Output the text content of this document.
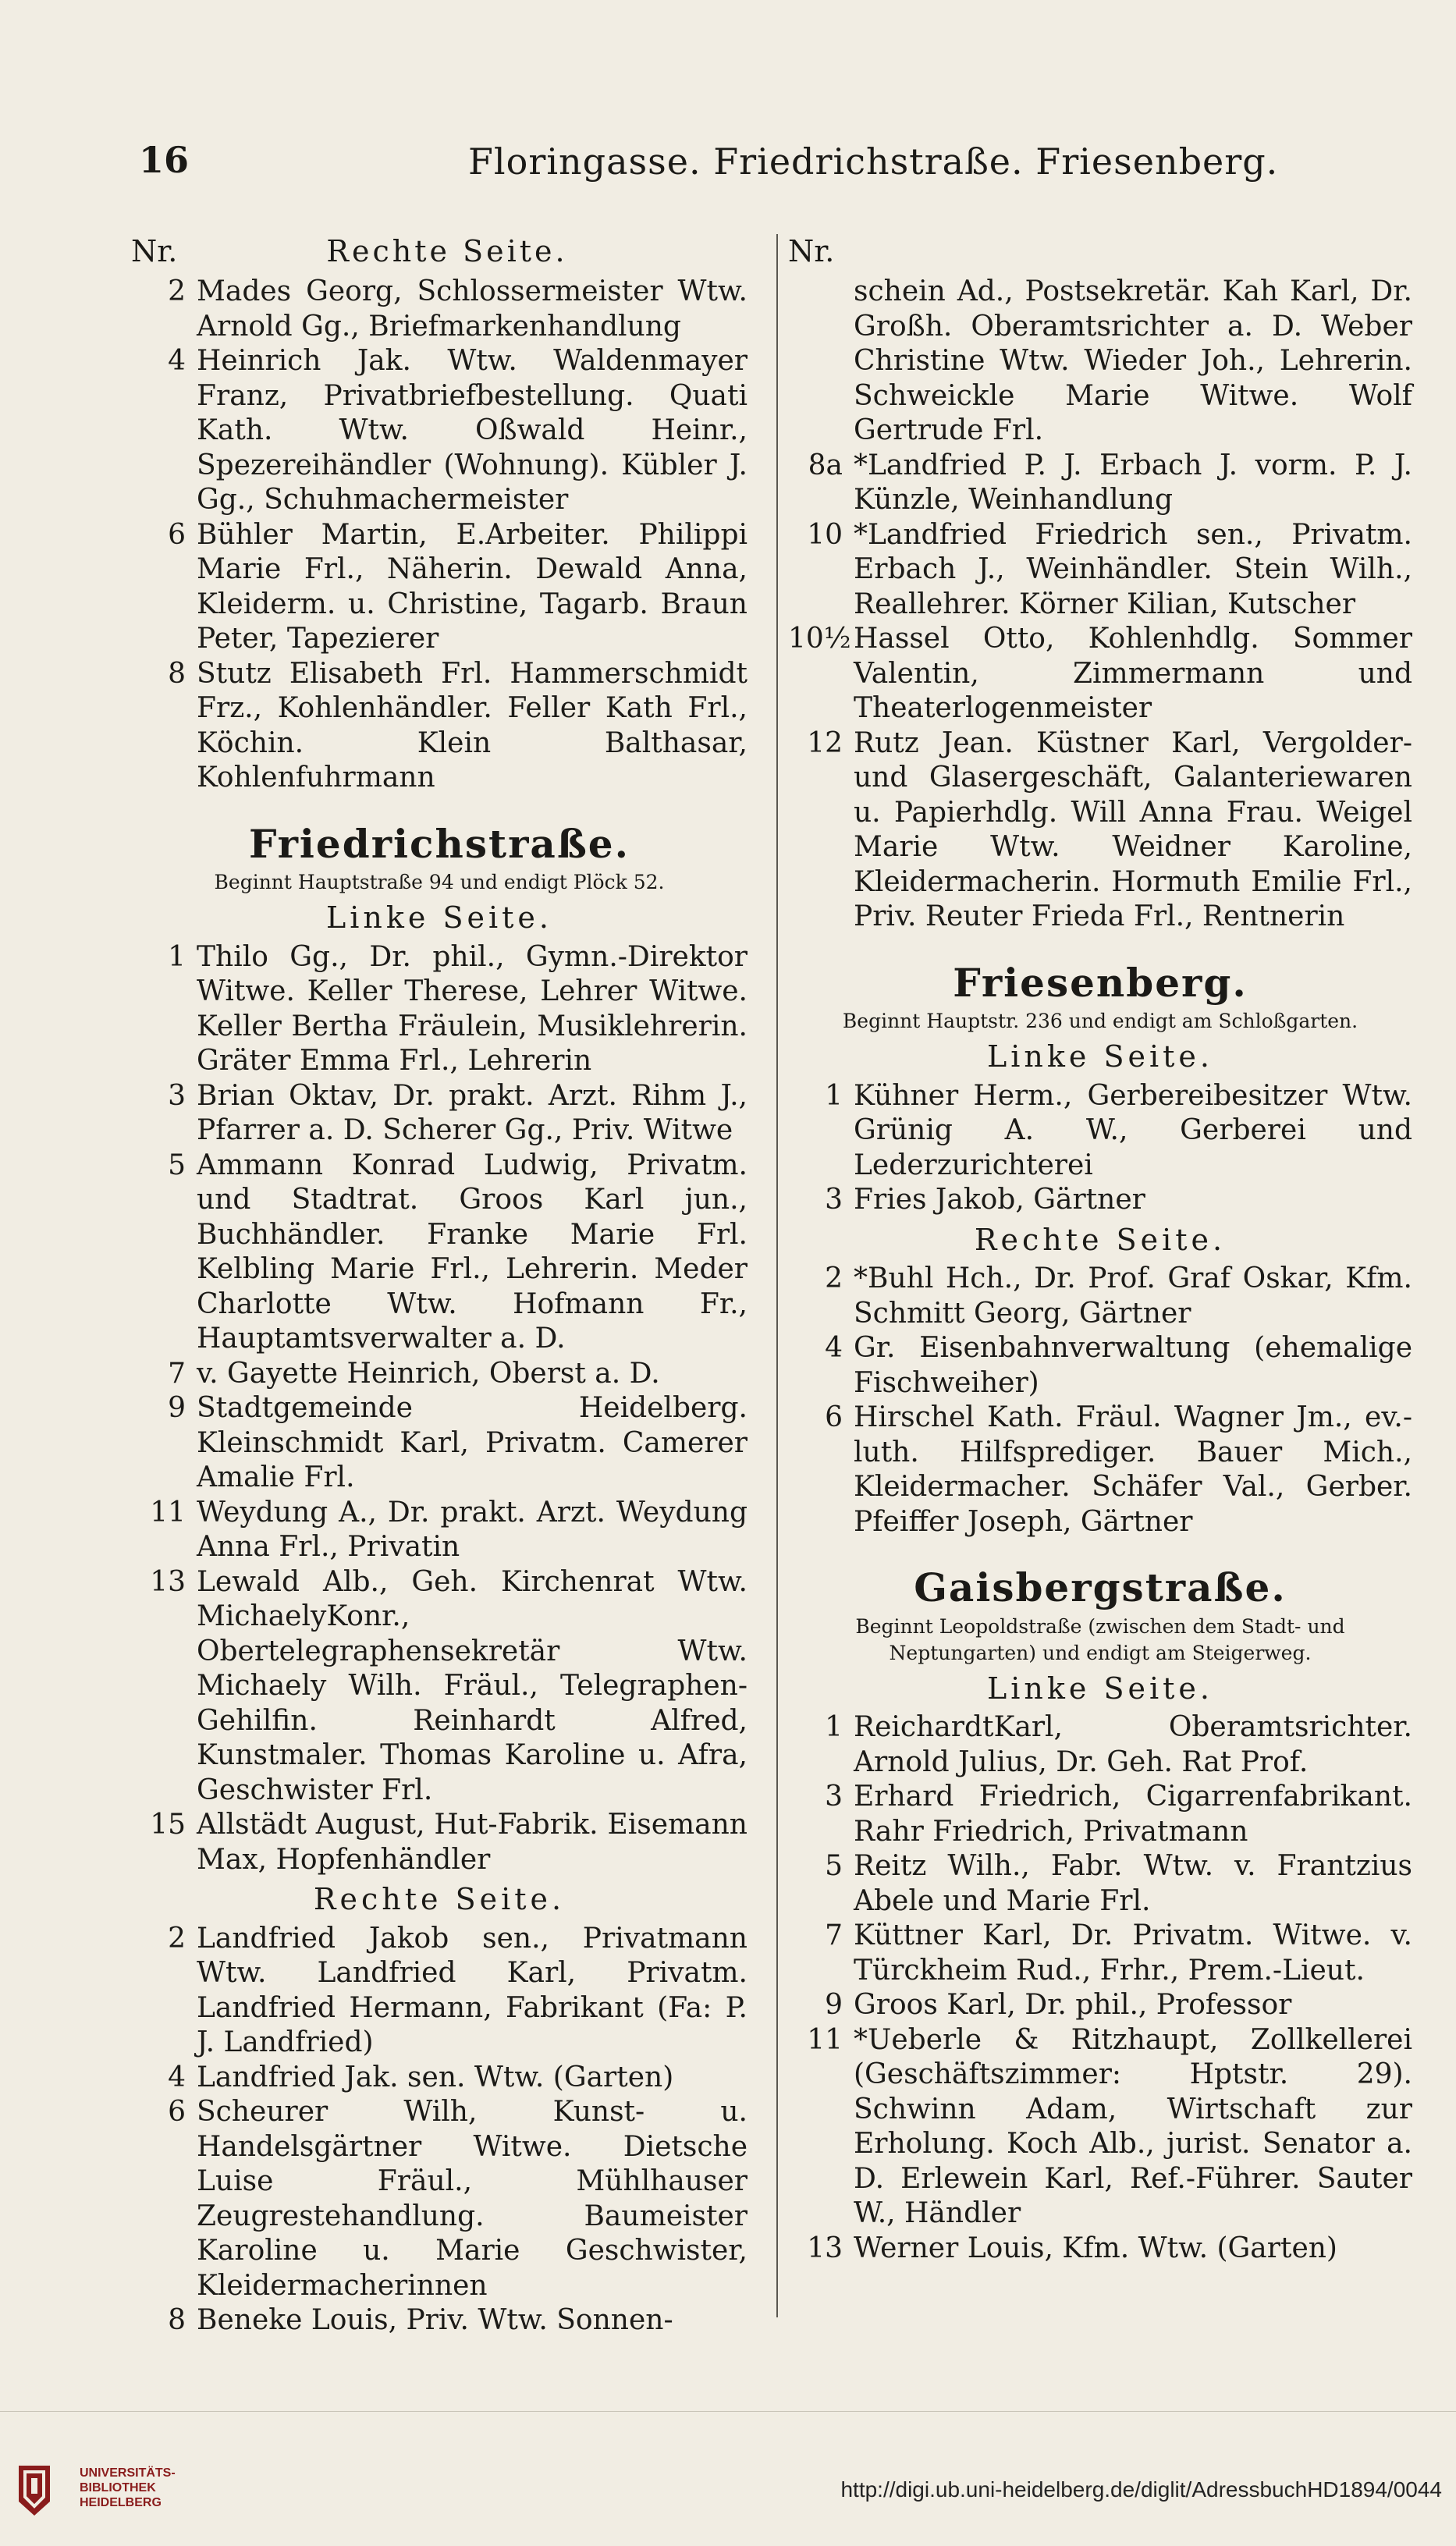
16	Floringasse. Friedrichstraße. Friesenberg.
Nr.	Rechte Seite.
2 Mades Georg, Schlossermeister Wtw. Arnold Gg., Briefmarkenhandlung
4 Heinrich Jak. Wtw. Waldenmayer Franz, Privatbriefbestellung. Quati Kath. Wtw. Oßwald Heinr., Spezereihändler (Wohnung). Kübler J. Gg., Schuhmachermeister
6 Bühler Martin, E.Arbeiter. Philippi Marie Frl., Näherin. Dewald Anna, Kleiderm. u. Christine, Tagarb. Braun Peter, Tapezierer
8 Stutz Elisabeth Frl. Hammerschmidt Frz., Kohlenhändler. Feller Kath Frl., Köchin. Klein Balthasar, Kohlenfuhrmann
Friedrichstraße.
Beginnt Hauptstraße 94 und endigt Plöck 52.
Linke Seite.
1 Thilo Gg., Dr. phil., Gymn.-Direktor Witwe. Keller Therese, Lehrer Witwe. Keller Bertha Fräulein, Musiklehrerin. Gräter Emma Frl., Lehrerin
3 Brian Oktav, Dr. prakt. Arzt. Rihm J., Pfarrer a. D. Scherer Gg., Priv. Witwe
5 Ammann Konrad Ludwig, Privatm. und Stadtrat. Groos Karl jun., Buchhändler. Franke Marie Frl. Kelbling Marie Frl., Lehrerin. Meder Charlotte Wtw. Hofmann Fr., Hauptamtsverwalter a. D.
7 v. Gayette Heinrich, Oberst a. D.
9 Stadtgemeinde Heidelberg. Kleinschmidt Karl, Privatm. Camerer Amalie Frl.
11 Weydung A., Dr. prakt. Arzt. Weydung Anna Frl., Privatin
13 Lewald Alb., Geh. Kirchenrat Wtw. MichaelyKonr., Obertelegraphensekretär Wtw. Michaely Wilh. Fräul., Telegraphen-Gehilfin. Reinhardt Alfred, Kunstmaler. Thomas Karoline u. Afra, Geschwister Frl.
15 Allstädt August, Hut-Fabrik. Eisemann Max, Hopfenhändler
Rechte Seite.
2 Landfried Jakob sen., Privatmann Wtw. Landfried Karl, Privatm. Landfried Hermann, Fabrikant (Fa: P. J. Landfried)
4 Landfried Jak. sen. Wtw. (Garten)
6 Scheurer Wilh, Kunst- u. Handelsgärtner Witwe. Dietsche Luise Fräul., Mühlhauser Zeugrestehandlung. Baumeister Karoline u. Marie Geschwister, Kleidermacherinnen
8 Beneke Louis, Priv. Wtw. Sonnen-
Nr.
schein Ad., Postsekretär. Kah Karl, Dr. Großh. Oberamtsrichter a. D. Weber Christine Wtw. Wieder Joh., Lehrerin. Schweickle Marie Witwe. Wolf Gertrude Frl.
8a *Landfried P. J. Erbach J. vorm. P. J. Künzle, Weinhandlung
10 *Landfried Friedrich sen., Privatm. Erbach J., Weinhändler. Stein Wilh., Reallehrer. Körner Kilian, Kutscher
10½ Hassel Otto, Kohlenhdlg. Sommer Valentin, Zimmermann und Theaterlogenmeister
12 Rutz Jean. Küstner Karl, Vergolder- und Glasergeschäft, Galanteriewaren u. Papierhdlg. Will Anna Frau. Weigel Marie Wtw. Weidner Karoline, Kleidermacherin. Hormuth Emilie Frl., Priv. Reuter Frieda Frl., Rentnerin
Friesenberg.
Beginnt Hauptstr. 236 und endigt am Schloßgarten.
Linke Seite.
1 Kühner Herm., Gerbereibesitzer Wtw. Grünig A. W., Gerberei und Lederzurichterei
3 Fries Jakob, Gärtner
Rechte Seite.
2 *Buhl Hch., Dr. Prof. Graf Oskar, Kfm. Schmitt Georg, Gärtner
4 Gr. Eisenbahnverwaltung (ehemalige Fischweiher)
6 Hirschel Kath. Fräul. Wagner Jm., ev.-luth. Hilfsprediger. Bauer Mich., Kleidermacher. Schäfer Val., Gerber. Pfeiffer Joseph, Gärtner
Gaisbergstraße.
Beginnt Leopoldstraße (zwischen dem Stadt- und Neptungarten) und endigt am Steigerweg.
Linke Seite.
1 ReichardtKarl, Oberamtsrichter. Arnold Julius, Dr. Geh. Rat Prof.
3 Erhard Friedrich, Cigarrenfabrikant. Rahr Friedrich, Privatmann
5 Reitz Wilh., Fabr. Wtw. v. Frantzius Abele und Marie Frl.
7 Küttner Karl, Dr. Privatm. Witwe. v. Türckheim Rud., Frhr., Prem.-Lieut.
9 Groos Karl, Dr. phil., Professor
11 *Ueberle & Ritzhaupt, Zollkellerei (Geschäftszimmer: Hptstr. 29). Schwinn Adam, Wirtschaft zur Erholung. Koch Alb., jurist. Senator a. D. Erlewein Karl, Ref.-Führer. Sauter W., Händler
13 Werner Louis, Kfm. Wtw. (Garten)
UNIVERSITÄTS-
BIBLIOTHEK
HEIDELBERG
http://digi.ub.uni-heidelberg.de/diglit/AdressbuchHD1894/0044
